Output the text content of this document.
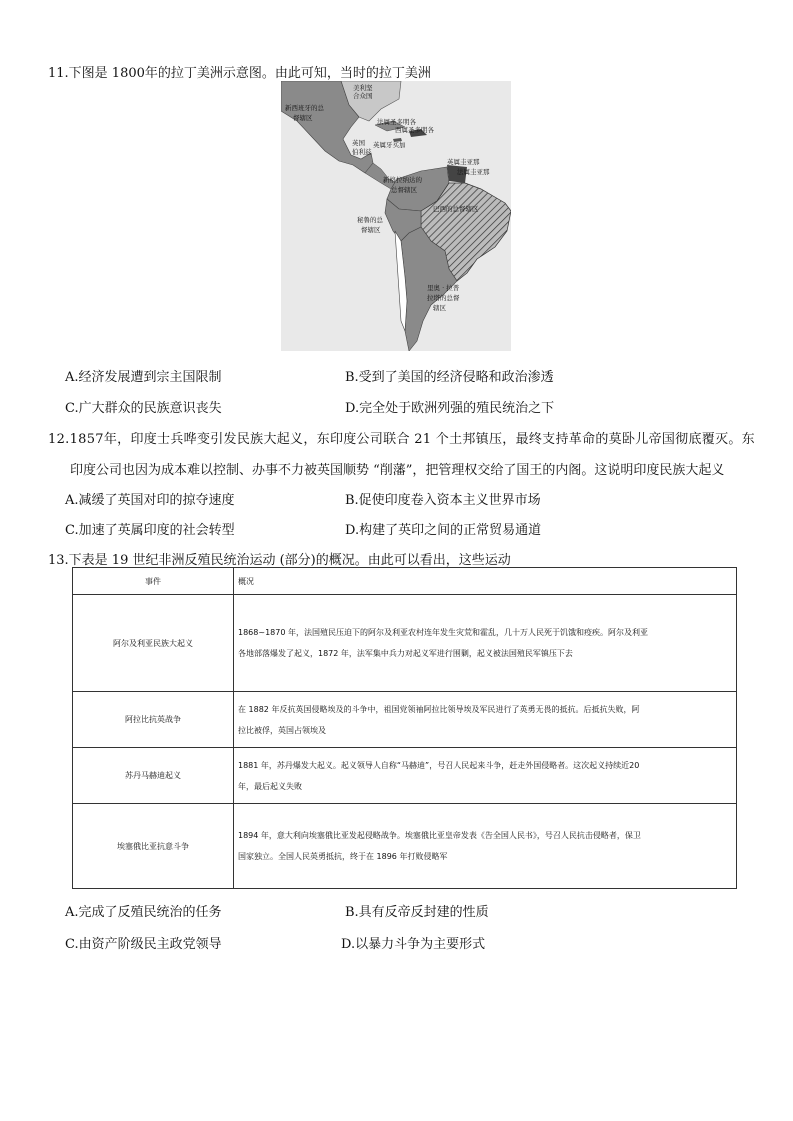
11.下图是 1800年的拉丁美洲示意图。由此可知，当时的拉丁美洲
美利坚
合众国
新西班牙的总
督辖区	法属圣多明各
西属圣多明各
英国
伯利兹
英属牙买加
英属圭亚那
法属圭亚那
新格拉纳达的
总督辖区
巴西的总督辖区
秘鲁的总
督辖区
里奥 · 拉普
拉塔的总督
辖区
A.经济发展遭到宗主国限制	B.受到了美国的经济侵略和政治渗透
C.广大群众的民族意识丧失	D.完全处于欧洲列强的殖民统治之下
12.1857年，印度士兵哗变引发民族大起义，东印度公司联合 21 个土邦镇压，最终支持革命的莫卧儿帝国彻底覆灭。东
印度公司也因为成本难以控制、办事不力被英国顺势 “削藩”，把管理权交给了国王的内阁。这说明印度民族大起义
A.减缓了英国对印的掠夺速度	B.促使印度卷入资本主义世界市场
C.加速了英属印度的社会转型	D.构建了英印之间的正常贸易通道
13.下表是 19 世纪非洲反殖民统治运动 (部分)的概况。由此可以看出，这些运动
事件	概况
阿尔及利亚民族大起义	1868~1870 年，法国殖民压迫下的阿尔及利亚农村连年发生灾荒和霍乱，几十万人民死于饥饿和疫疾。阿尔及利亚
各地部落爆发了起义，1872 年，法军集中兵力对起义军进行围剿，起义被法国殖民军镇压下去

阿拉比抗英战争	在 1882 年反抗英国侵略埃及的斗争中，祖国党领袖阿拉比领导埃及军民进行了英勇无畏的抵抗。后抵抗失败，阿
拉比被俘，英国占领埃及

苏丹马赫迪起义	1881 年，苏丹爆发大起义。起义领导人自称“马赫迪”，号召人民起来斗争，赶走外国侵略者。这次起义持续近20
年，最后起义失败

埃塞俄比亚抗意斗争	1894 年，意大利向埃塞俄比亚发起侵略战争。埃塞俄比亚皇帝发表《告全国人民书》，号召人民抗击侵略者，保卫
国家独立。全国人民英勇抵抗，终于在 1896 年打败侵略军
A.完成了反殖民统治的任务	B.具有反帝反封建的性质
C.由资产阶级民主政党领导	D.以暴力斗争为主要形式
